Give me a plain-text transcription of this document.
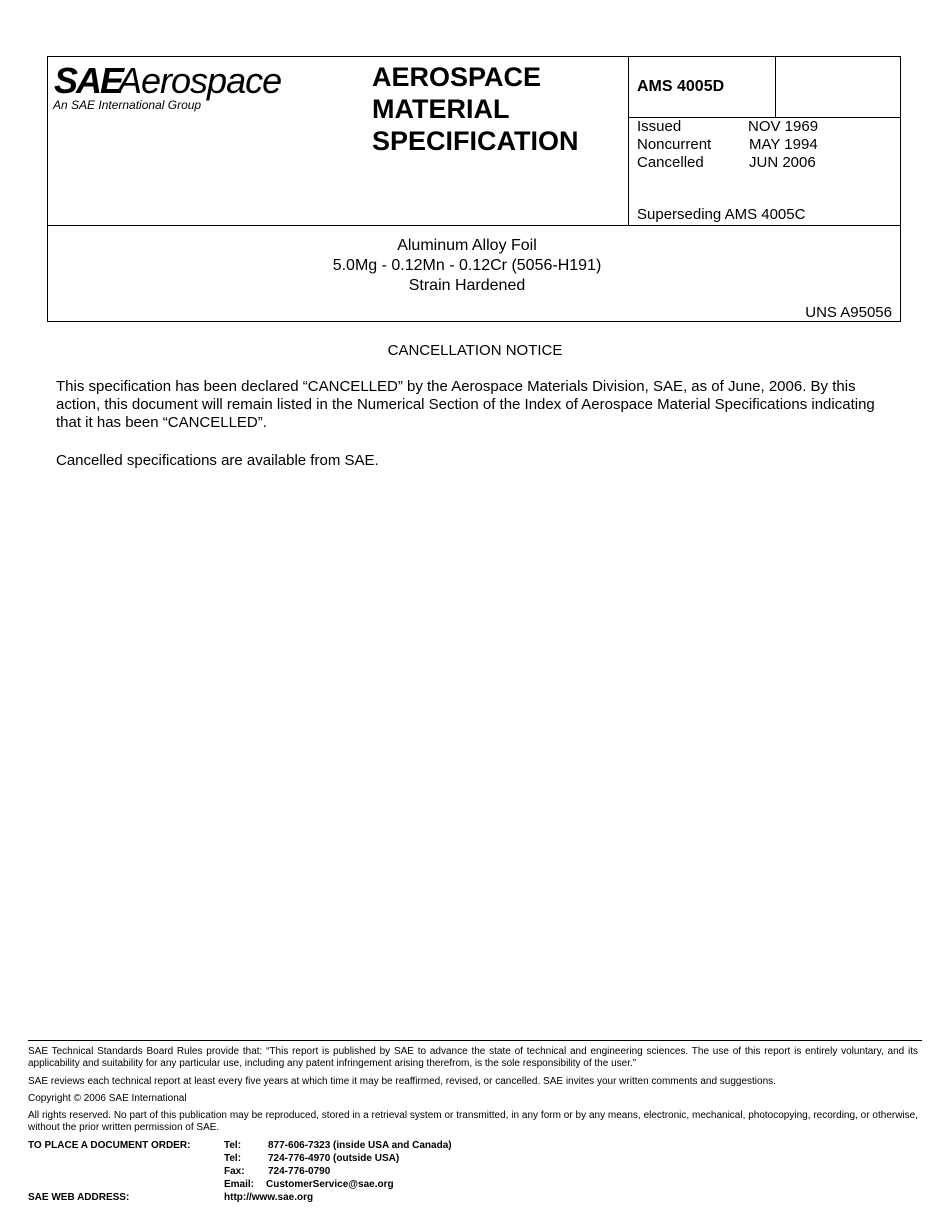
SAE
Aerospace
An SAE International Group
AEROSPACE
MATERIAL
SPECIFICATION
AMS 4005D
Issued	NOV 1969
Noncurrent	MAY 1994
Cancelled	JUN 2006
Superseding AMS 4005C
Aluminum Alloy Foil
5.0Mg - 0.12Mn - 0.12Cr (5056-H191)
Strain Hardened
UNS A95056
CANCELLATION NOTICE
This specification has been declared “CANCELLED” by the Aerospace Materials Division, SAE, as of June, 2006. By this action, this document will remain listed in the Numerical Section of the Index of Aerospace Material Specifications indicating that it has been “CANCELLED”.
Cancelled specifications are available from SAE.
SAE Technical Standards Board Rules provide that: “This report is published by SAE to advance the state of technical and engineering sciences. The use of this report is entirely voluntary, and its applicability and suitability for any particular use, including any patent infringement arising therefrom, is the sole responsibility of the user.”
SAE reviews each technical report at least every five years at which time it may be reaffirmed, revised, or cancelled. SAE invites your written comments and suggestions.
Copyright © 2006 SAE International
All rights reserved. No part of this publication may be reproduced, stored in a retrieval system or transmitted, in any form or by any means, electronic, mechanical, photocopying, recording, or otherwise, without the prior written permission of SAE.
TO PLACE A DOCUMENT ORDER:	Tel:	877-606-7323 (inside USA and Canada)
Tel:	724-776-4970 (outside USA)
Fax: 724-776-0790
Email: CustomerService@sae.org
SAE WEB ADDRESS:	http://www.sae.org
